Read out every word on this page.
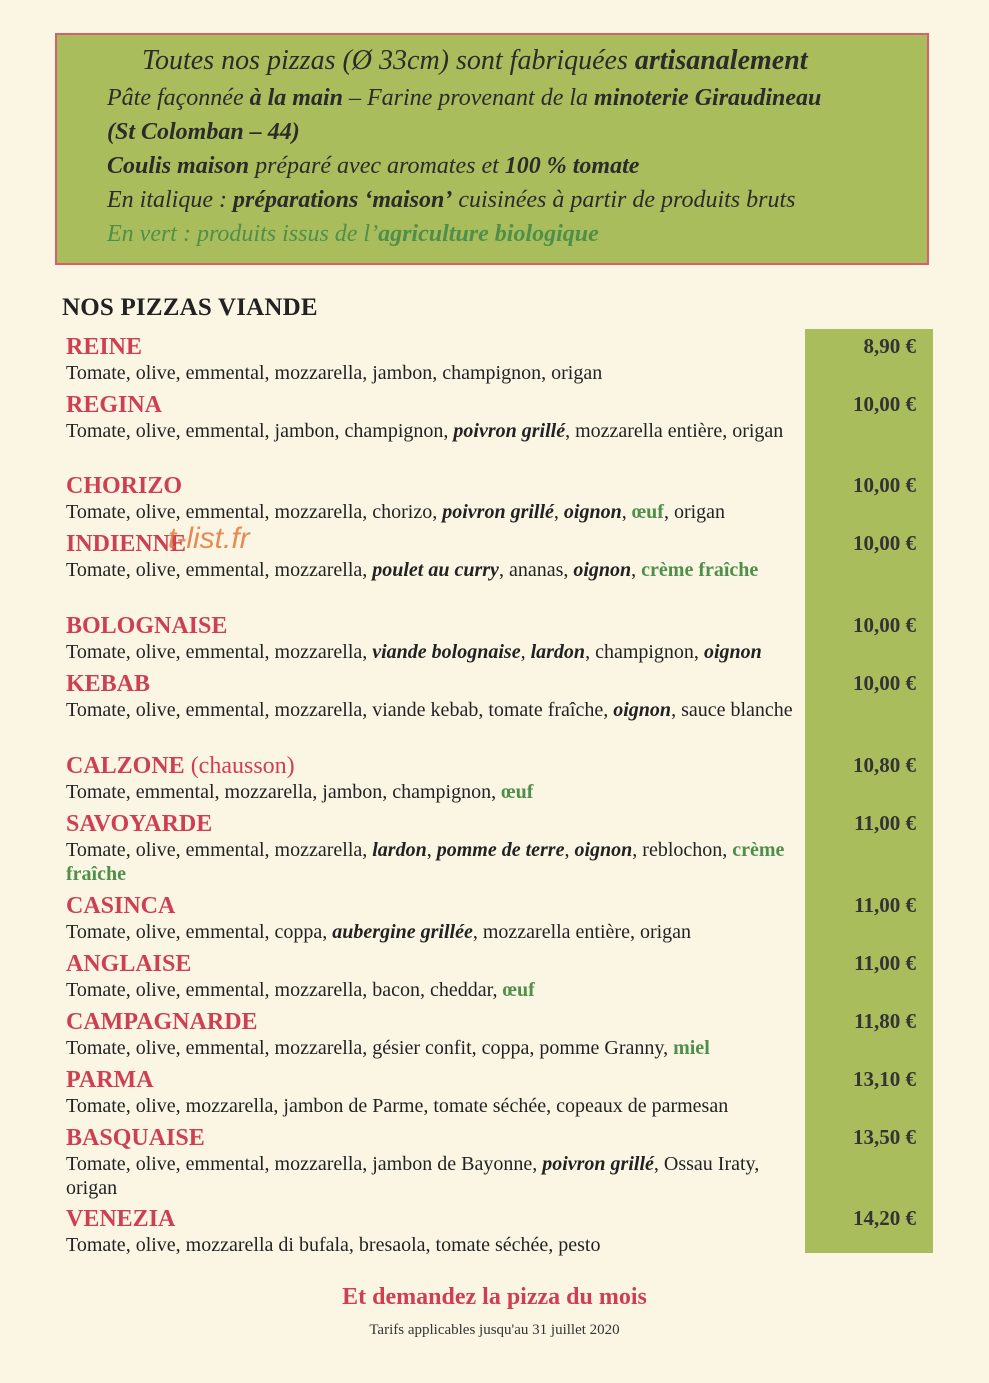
Toutes nos pizzas (Ø 33cm) sont fabriquées artisanalement
Pâte façonnée à la main – Farine provenant de la minoterie Giraudineau
(St Colomban – 44)
Coulis maison préparé avec aromates et 100 % tomate
En italique : préparations ‘maison’ cuisinées à partir de produits bruts
En vert : produits issus de l’agriculture biologique
NOS PIZZAS VIANDE
REINE
Tomate, olive, emmental, mozzarella, jambon, champignon, origan
8,90 €
REGINA
Tomate, olive, emmental, jambon, champignon, poivron grillé, mozzarella entière, origan
10,00 €
CHORIZO
Tomate, olive, emmental, mozzarella, chorizo, poivron grillé, oignon, œuf, origan
10,00 €
INDIENNE
Tomate, olive, emmental, mozzarella, poulet au curry, ananas, oignon, crème fraîche
10,00 €
BOLOGNAISE
Tomate, olive, emmental, mozzarella, viande bolognaise, lardon, champignon, oignon
10,00 €
KEBAB
Tomate, olive, emmental, mozzarella, viande kebab, tomate fraîche, oignon, sauce blanche
10,00 €
CALZONE (chausson)
Tomate, emmental, mozzarella, jambon, champignon, œuf
10,80 €
SAVOYARDE
Tomate, olive, emmental, mozzarella, lardon, pomme de terre, oignon, reblochon, crème fraîche
11,00 €
CASINCA
Tomate, olive, emmental, coppa, aubergine grillée, mozzarella entière, origan
11,00 €
ANGLAISE
Tomate, olive, emmental, mozzarella, bacon, cheddar, œuf
11,00 €
CAMPAGNARDE
Tomate, olive, emmental, mozzarella, gésier confit, coppa, pomme Granny, miel
11,80 €
PARMA
Tomate, olive, mozzarella, jambon de Parme, tomate séchée, copeaux de parmesan
13,10 €
BASQUAISE
Tomate, olive, emmental, mozzarella, jambon de Bayonne, poivron grillé, Ossau Iraty, origan
13,50 €
VENEZIA
Tomate, olive, mozzarella di bufala, bresaola, tomate séchée, pesto
14,20 €
t-list.fr
Et demandez la pizza du mois
Tarifs applicables jusqu'au 31 juillet 2020
